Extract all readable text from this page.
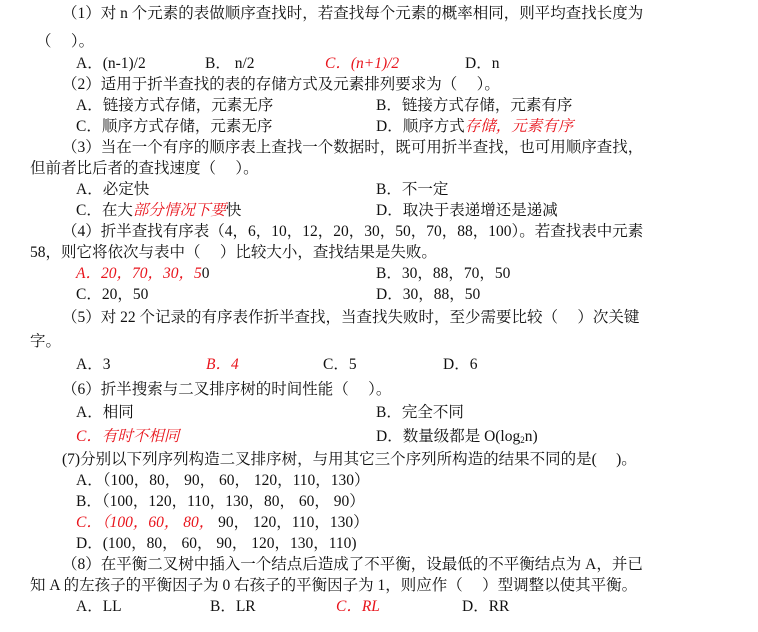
（1）对 n 个元素的表做顺序查找时，若查找每个元素的概率相同，则平均查找长度为
（　 ）。
A．(n-1)/2	B． n/2	C．(n+1)/2	D．n
（2）适用于折半查找的表的存储方式及元素排列要求为（　 ）。
A．链接方式存储，元素无序	B．链接方式存储，元素有序
C．顺序方式存储，元素无序	D．顺序方式存储，元素有序
（3）当在一个有序的顺序表上查找一个数据时，既可用折半查找，也可用顺序查找，
但前者比后者的查找速度（　 ）。
A．必定快	B．不一定
C．在大部分情况下要快	D．取决于表递增还是递减
（4）折半查找有序表（4，6，10，12，20，30，50，70，88，100）。若查找表中元素
58，则它将依次与表中（　 ）比较大小，查找结果是失败。
A．20，70，30，50	B．30，88，70，50
C．20，50	D．30，88，50
（5）对 22 个记录的有序表作折半查找，当查找失败时，至少需要比较（　 ）次关键
字。
A．3	B．4	C．5	D．6
（6）折半搜索与二叉排序树的时间性能（　 ）。
A．相同	B．完全不同
C．有时不相同	D．数量级都是 $O(\log_2n)$
(7)分别以下列序列构造二叉排序树，与用其它三个序列所构造的结果不同的是(　 )。
A．（100，80， 90， 60， 120，110，130）
B．（100，120，110，130，80， 60， 90）
C．（100，60， 80， 90， 120，110，130）
D．(100，80， 60， 90， 120，130，110)
（8）在平衡二叉树中插入一个结点后造成了不平衡，设最低的不平衡结点为 A，并已
知 A 的左孩子的平衡因子为 0 右孩子的平衡因子为 1，则应作（　 ）型调整以使其平衡。
A．LL	B．LR	C．RL	D．RR
